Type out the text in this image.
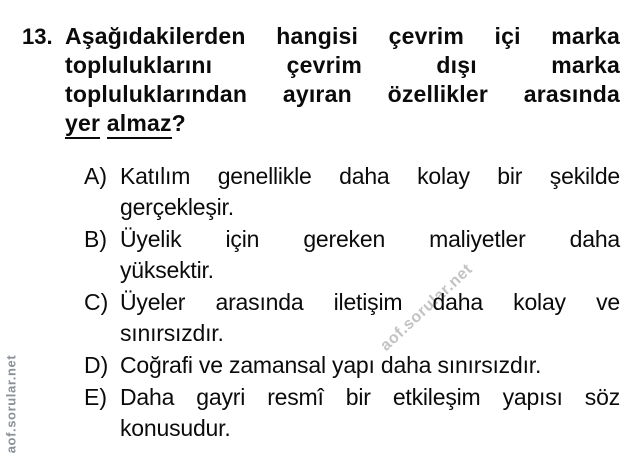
aof.sorular.net
aof.sorular.net
13. Aşağıdakilerden hangisi çevrim içi marka
topluluklarını çevrim dışı marka
topluluklarından ayıran özellikler arasında
yer almaz?
A) Katılım genellikle daha kolay bir şekilde
gerçekleşir.
B) Üyelik için gereken maliyetler daha
yüksektir.
C) Üyeler arasında iletişim daha kolay ve
sınırsızdır.
D) Coğrafi ve zamansal yapı daha sınırsızdır.
E) Daha gayri resmî bir etkileşim yapısı söz
konusudur.
